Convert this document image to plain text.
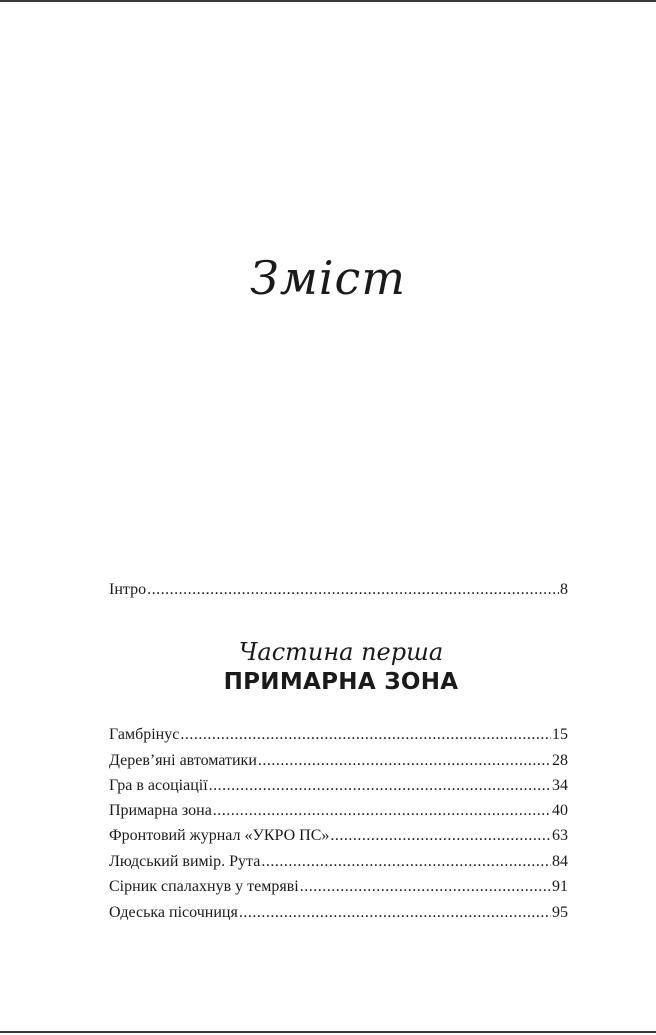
Зміст
Інтро .....	8
Частина перша
ПРИМАРНА ЗОНА
Гамбрінус .....	15
Дерев’яні автоматики .....	28
Гра в асоціації .....	34
Примарна зона .....	40
Фронтовий журнал «УКРО ПС» .....	63
Людський вимір. Рута .....	84
Сірник спалахнув у темряві .....	91
Одеська пісочниця .....	95
